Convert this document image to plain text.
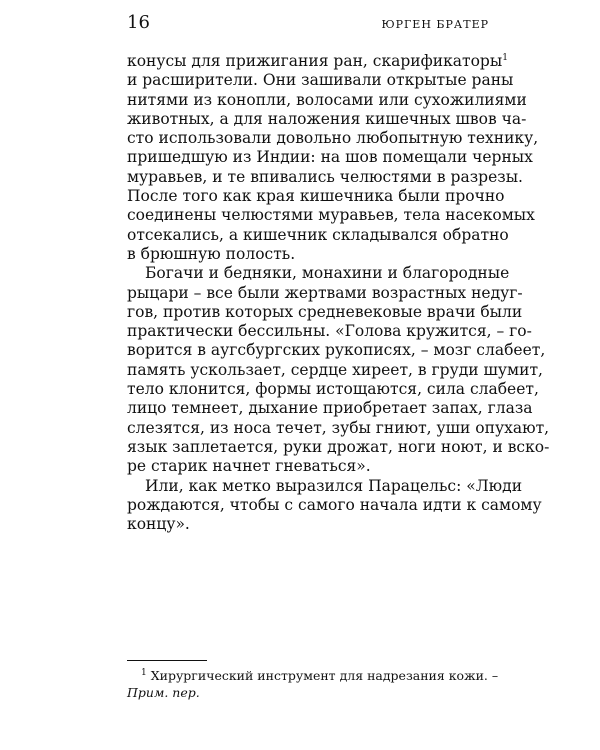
16	ЮРГЕН БРАТЕР
конусы для прижигания ран, скарификаторы$^1$
и расширители. Они зашивали открытые раны
нитями из конопли, волосами или сухожилиями
животных, а для наложения кишечных швов ча-
сто использовали довольно любопытную технику,
пришедшую из Индии: на шов помещали черных
муравьев, и те впивались челюстями в разрезы.
После того как края кишечника были прочно
соединены челюстями муравьев, тела насекомых
отсекались, а кишечник складывался обратно
в брюшную полость.
Богачи и бедняки, монахини и благородные
рыцари – все были жертвами возрастных недуг-
гов, против которых средневековые врачи были
практически бессильны. «Голова кружится, – го-
ворится в аугсбургских рукописях, – мозг слабеет,
память ускользает, сердце хиреет, в груди шумит,
тело клонится, формы истощаются, сила слабеет,
лицо темнеет, дыхание приобретает запах, глаза
слезятся, из носа течет, зубы гниют, уши опухают,
язык заплетается, руки дрожат, ноги ноют, и вско-
ре старик начнет гневаться».
Или, как метко выразился Парацельс: «Люди
рождаются, чтобы с самого начала идти к самому
концу».
$^1$ Хирургический инструмент для надрезания кожи. –
Прим. пер.
